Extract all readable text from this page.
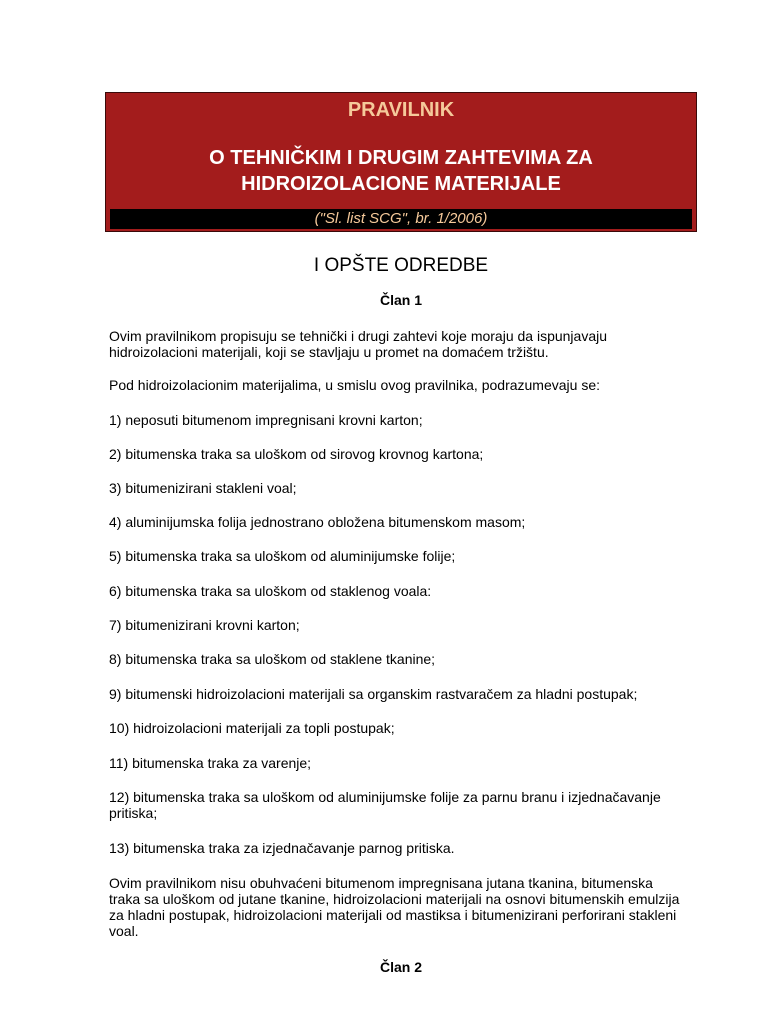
PRAVILNIK
O TEHNIČKIM I DRUGIM ZAHTEVIMA ZA
HIDROIZOLACIONE MATERIJALE
("Sl. list SCG", br. 1/2006)
I OPŠTE ODREDBE
Član 1
Ovim pravilnikom propisuju se tehnički i drugi zahtevi koje moraju da ispunjavaju
hidroizolacioni materijali, koji se stavljaju u promet na domaćem tržištu.
Pod hidroizolacionim materijalima, u smislu ovog pravilnika, podrazumevaju se:
1) neposuti bitumenom impregnisani krovni karton;
2) bitumenska traka sa uloškom od sirovog krovnog kartona;
3) bitumenizirani stakleni voal;
4) aluminijumska folija jednostrano obložena bitumenskom masom;
5) bitumenska traka sa uloškom od aluminijumske folije;
6) bitumenska traka sa uloškom od staklenog voala:
7) bitumenizirani krovni karton;
8) bitumenska traka sa uloškom od staklene tkanine;
9) bitumenski hidroizolacioni materijali sa organskim rastvaračem za hladni postupak;
10) hidroizolacioni materijali za topli postupak;
11) bitumenska traka za varenje;
12) bitumenska traka sa uloškom od aluminijumske folije za parnu branu i izjednačavanje
pritiska;
13) bitumenska traka za izjednačavanje parnog pritiska.
Ovim pravilnikom nisu obuhvaćeni bitumenom impregnisana jutana tkanina, bitumenska
traka sa uloškom od jutane tkanine, hidroizolacioni materijali na osnovi bitumenskih emulzija
za hladni postupak, hidroizolacioni materijali od mastiksa i bitumenizirani perforirani stakleni
voal.
Član 2
